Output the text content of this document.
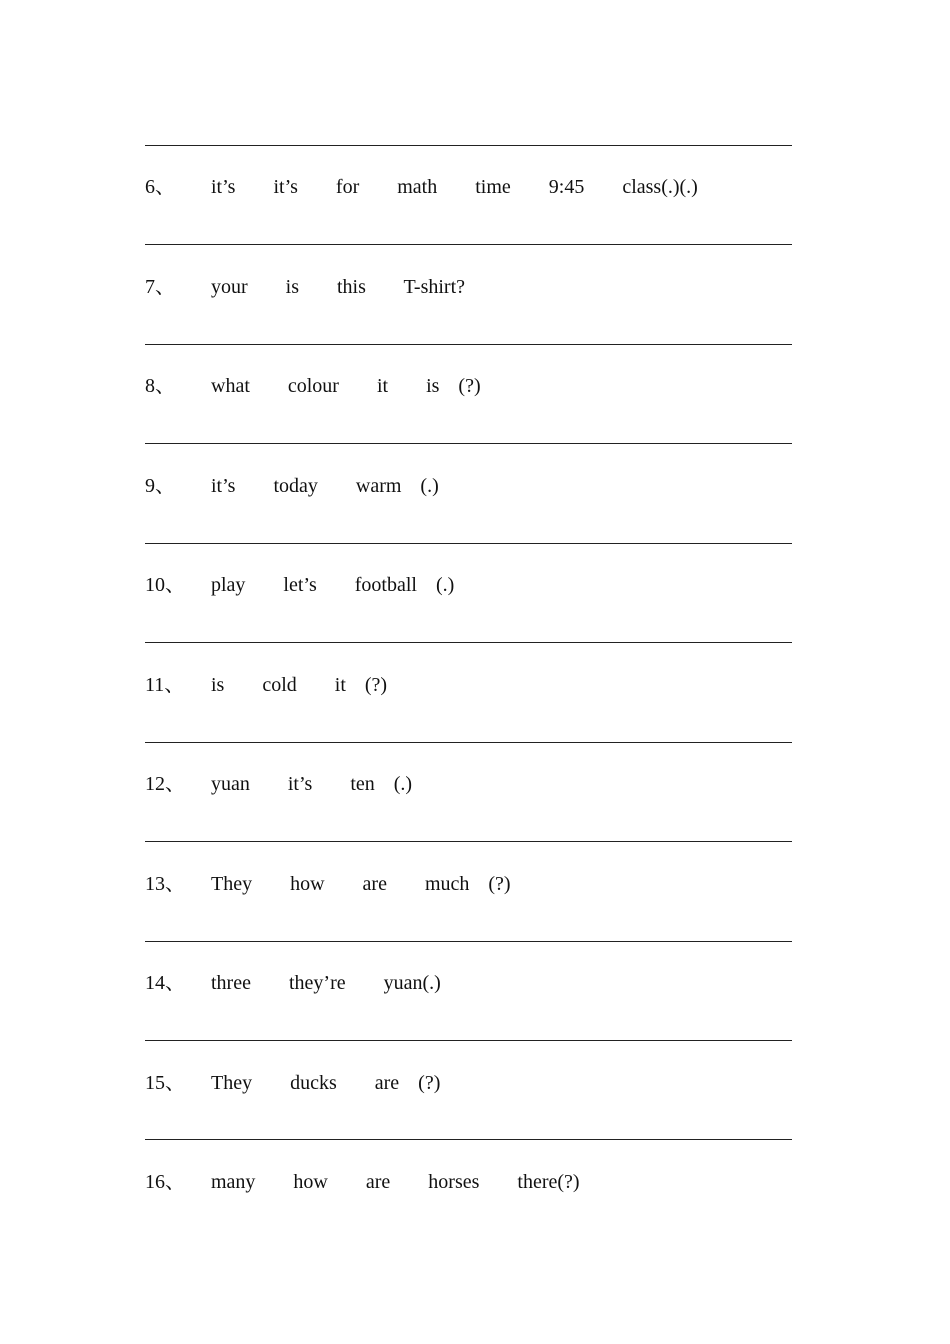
6、 it’s  it’s  for  math  time  9:45  class(.)(.)
7、 your  is  this  T-shirt?
8、 what  colour  it  is (?)
9、 it’s  today  warm (.)
10、 play  let’s  football (.)
11、 is  cold  it (?)
12、 yuan  it’s  ten (.)
13、 They  how  are  much (?)
14、 three  they’re  yuan(.)
15、 They  ducks  are (?)
16、 many  how  are  horses  there(?)
